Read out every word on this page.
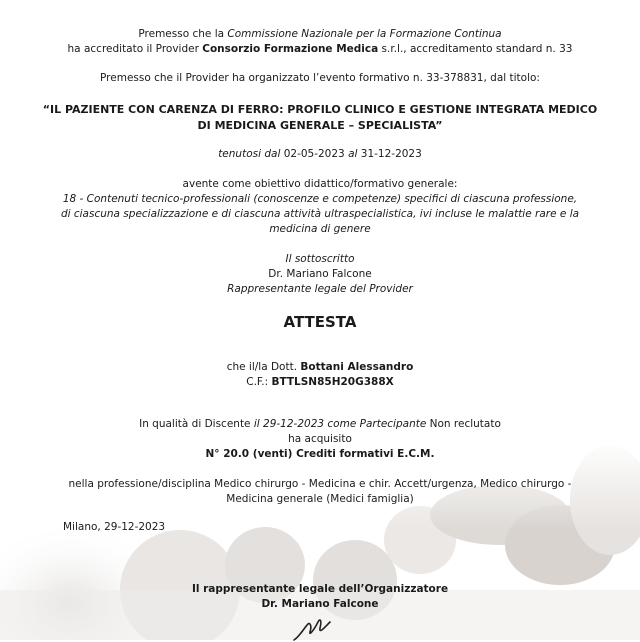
Premesso che la Commissione Nazionale per la Formazione Continua
ha accreditato il Provider Consorzio Formazione Medica s.r.l., accreditamento standard n. 33
Premesso che il Provider ha organizzato l’evento formativo n. 33-378831, dal titolo:
“IL PAZIENTE CON CARENZA DI FERRO: PROFILO CLINICO E GESTIONE INTEGRATA MEDICO
DI MEDICINA GENERALE – SPECIALISTA”
tenutosi dal 02-05-2023 al 31-12-2023
avente come obiettivo didattico/formativo generale:
18 - Contenuti tecnico-professionali (conoscenze e competenze) specifici di ciascuna professione, di ciascuna specializzazione e di ciascuna attività ultraspecialistica, ivi incluse le malattie rare e la medicina di genere
Il sottoscritto
Dr. Mariano Falcone
Rappresentante legale del Provider
ATTESTA
che il/la Dott. Bottani Alessandro
C.F.: BTTLSN85H20G388X
In qualità di Discente il 29-12-2023 come Partecipante Non reclutato
ha acquisito
N° 20.0 (venti) Crediti formativi E.C.M.
nella professione/disciplina Medico chirurgo - Medicina e chir. Accett/urgenza, Medico chirurgo -
Medicina generale (Medici famiglia)
Milano, 29-12-2023
Il rappresentante legale dell’Organizzatore
Dr. Mariano Falcone
